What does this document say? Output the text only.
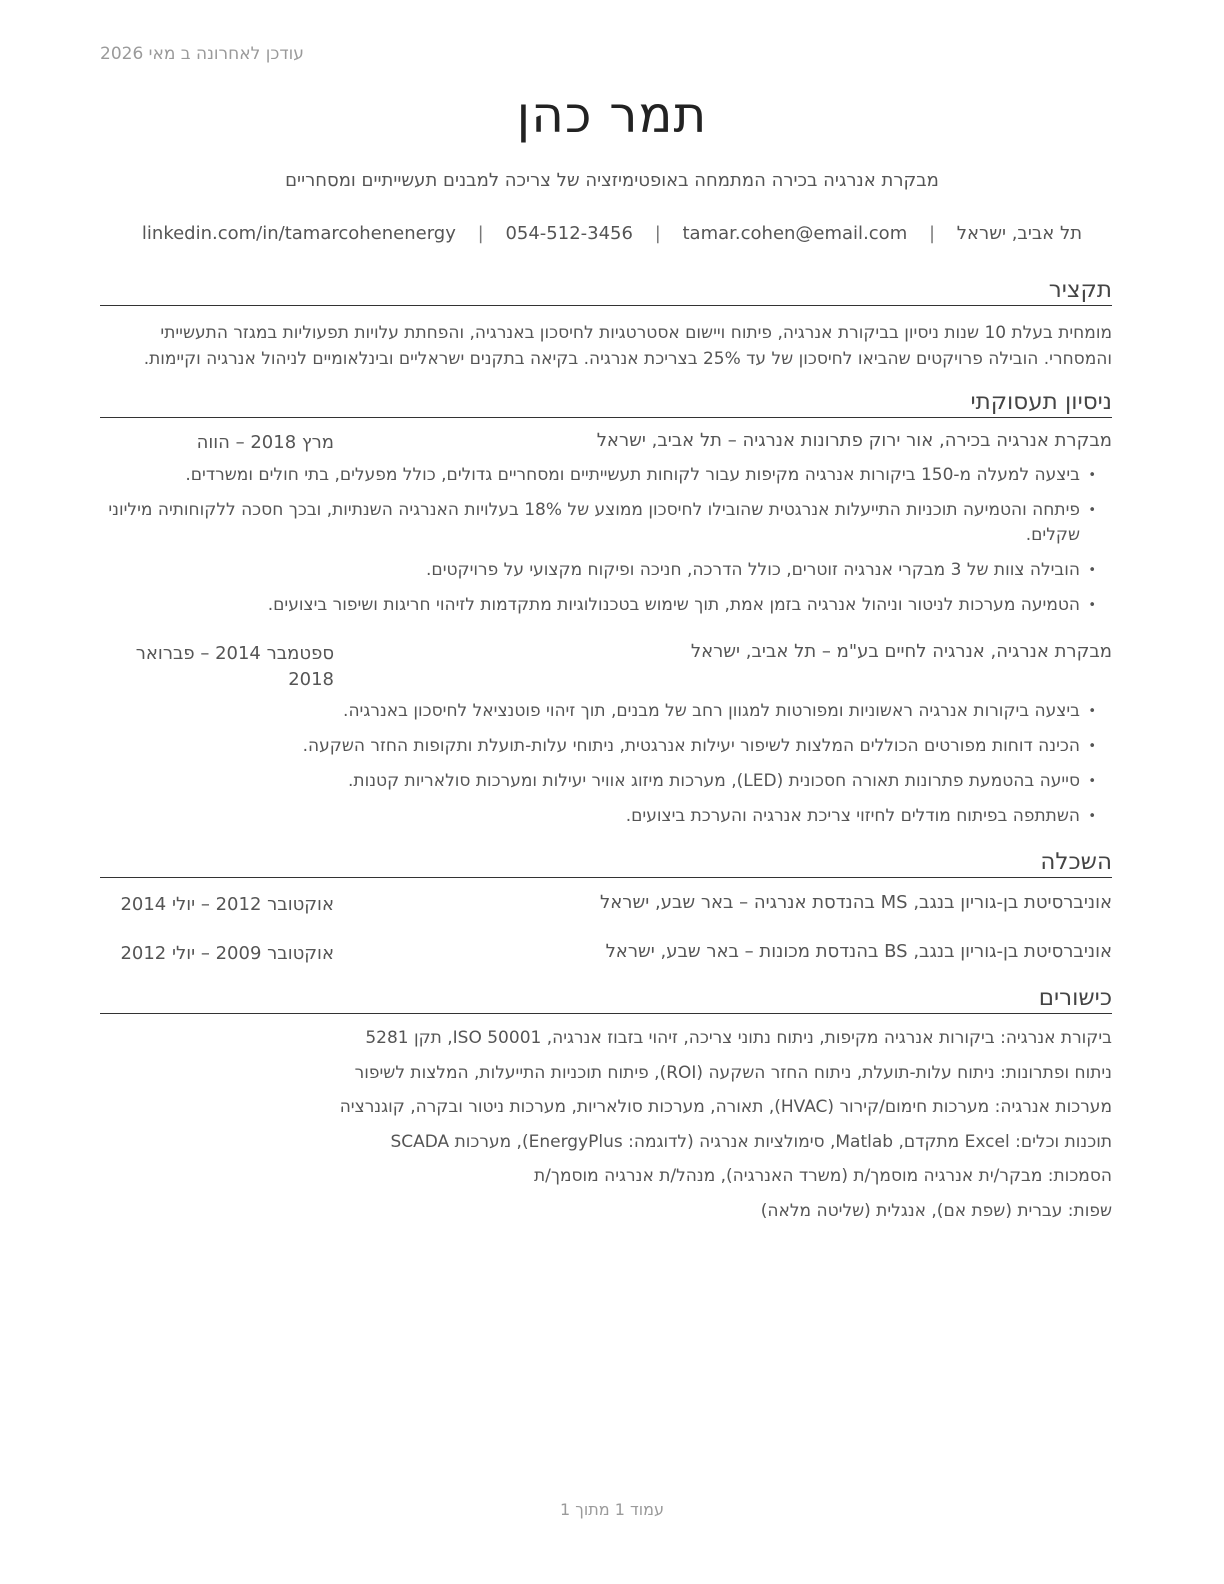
עודכן לאחרונה ב מאי 2026
תמר כהן
מבקרת אנרגיה בכירה המתמחה באופטימיזציה של צריכה למבנים תעשייתיים ומסחריים
תל אביב, ישראל | tamar.cohen@email.com | 054-512-3456 | linkedin.com/in/tamarcohenenergy
תקציר
מומחית בעלת 10 שנות ניסיון בביקורת אנרגיה, פיתוח ויישום אסטרטגיות לחיסכון באנרגיה, והפחתת עלויות תפעוליות במגזר התעשייתי והמסחרי. הובילה פרויקטים שהביאו לחיסכון של עד 25% בצריכת אנרגיה. בקיאה בתקנים ישראליים ובינלאומיים לניהול אנרגיה וקיימות.
ניסיון תעסוקתי
מבקרת אנרגיה בכירה, אור ירוק פתרונות אנרגיה – תל אביב, ישראל
מרץ 2018 – הווה
• ביצעה למעלה מ-150 ביקורות אנרגיה מקיפות עבור לקוחות תעשייתיים ומסחריים גדולים, כולל מפעלים, בתי חולים ומשרדים.
• פיתחה והטמיעה תוכניות התייעלות אנרגטית שהובילו לחיסכון ממוצע של 18% בעלויות האנרגיה השנתיות, ובכך חסכה ללקוחותיה מיליוני שקלים.
• הובילה צוות של 3 מבקרי אנרגיה זוטרים, כולל הדרכה, חניכה ופיקוח מקצועי על פרויקטים.
• הטמיעה מערכות לניטור וניהול אנרגיה בזמן אמת, תוך שימוש בטכנולוגיות מתקדמות לזיהוי חריגות ושיפור ביצועים.
מבקרת אנרגיה, אנרגיה לחיים בע"מ – תל אביב, ישראל
ספטמבר 2014 – פברואר 2018
• ביצעה ביקורות אנרגיה ראשוניות ומפורטות למגוון רחב של מבנים, תוך זיהוי פוטנציאל לחיסכון באנרגיה.
• הכינה דוחות מפורטים הכוללים המלצות לשיפור יעילות אנרגטית, ניתוחי עלות-תועלת ותקופות החזר השקעה.
• סייעה בהטמעת פתרונות תאורה חסכונית (LED), מערכות מיזוג אוויר יעילות ומערכות סולאריות קטנות.
• השתתפה בפיתוח מודלים לחיזוי צריכת אנרגיה והערכת ביצועים.
השכלה
אוניברסיטת בן-גוריון בנגב, MS בהנדסת אנרגיה – באר שבע, ישראל
אוקטובר 2012 – יולי 2014
אוניברסיטת בן-גוריון בנגב, BS בהנדסת מכונות – באר שבע, ישראל
אוקטובר 2009 – יולי 2012
כישורים
ביקורת אנרגיה: ביקורות אנרגיה מקיפות, ניתוח נתוני צריכה, זיהוי בזבוז אנרגיה, ISO 50001, תקן 5281
ניתוח ופתרונות: ניתוח עלות-תועלת, ניתוח החזר השקעה (ROI), פיתוח תוכניות התייעלות, המלצות לשיפור
מערכות אנרגיה: מערכות חימום/קירור (HVAC), תאורה, מערכות סולאריות, מערכות ניטור ובקרה, קוגנרציה
תוכנות וכלים: Excel מתקדם, Matlab, סימולציות אנרגיה (לדוגמה: EnergyPlus), מערכות SCADA
הסמכות: מבקר/ית אנרגיה מוסמך/ת (משרד האנרגיה), מנהל/ת אנרגיה מוסמך/ת
שפות: עברית (שפת אם), אנגלית (שליטה מלאה)
עמוד 1 מתוך 1
